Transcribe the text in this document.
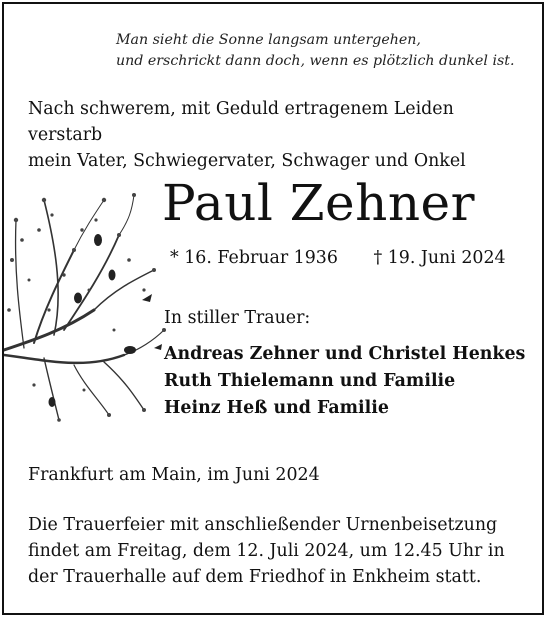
Man sieht die Sonne langsam untergehen,
und erschrickt dann doch, wenn es plötzlich dunkel ist.
Nach schwerem, mit Geduld ertragenem Leiden verstarb
mein Vater, Schwiegervater, Schwager und Onkel
Paul Zehner
* 16. Februar 1936 † 19. Juni 2024
In stiller Trauer:
Andreas Zehner und Christel Henkes
Ruth Thielemann und Familie
Heinz Heß und Familie
Frankfurt am Main, im Juni 2024
Die Trauerfeier mit anschließender Urnenbeisetzung
findet am Freitag, dem 12. Juli 2024, um 12.45 Uhr in
der Trauerhalle auf dem Friedhof in Enkheim statt.
